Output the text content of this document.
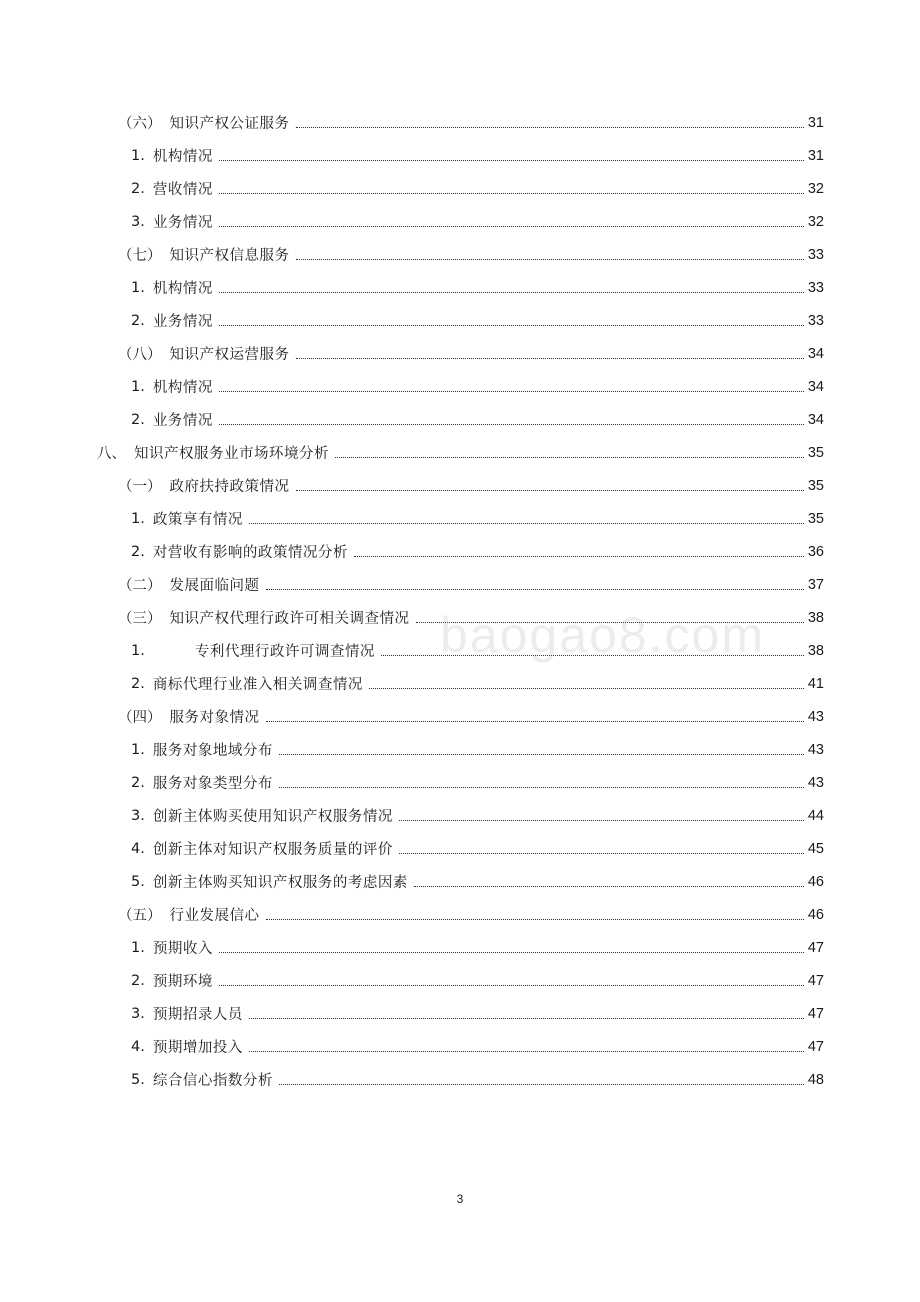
（六） 知识产权公证服务	31
1. 机构情况	31
2. 营收情况	32
3. 业务情况	32
（七） 知识产权信息服务	33
1. 机构情况	33
2. 业务情况	33
（八） 知识产权运营服务	34
1. 机构情况	34
2. 业务情况	34
八、 知识产权服务业市场环境分析	35
（一） 政府扶持政策情况	35
1. 政策享有情况	35
2. 对营收有影响的政策情况分析	36
（二） 发展面临问题	37
（三） 知识产权代理行政许可相关调查情况	38
1.	专利代理行政许可调查情况	38
2. 商标代理行业准入相关调查情况	41
（四） 服务对象情况	43
1. 服务对象地域分布	43
2. 服务对象类型分布	43
3. 创新主体购买使用知识产权服务情况	44
4. 创新主体对知识产权服务质量的评价	45
5. 创新主体购买知识产权服务的考虑因素	46
（五） 行业发展信心	46
1. 预期收入	47
2. 预期环境	47
3. 预期招录人员	47
4. 预期增加投入	47
5. 综合信心指数分析	48
baogao8.com
3
